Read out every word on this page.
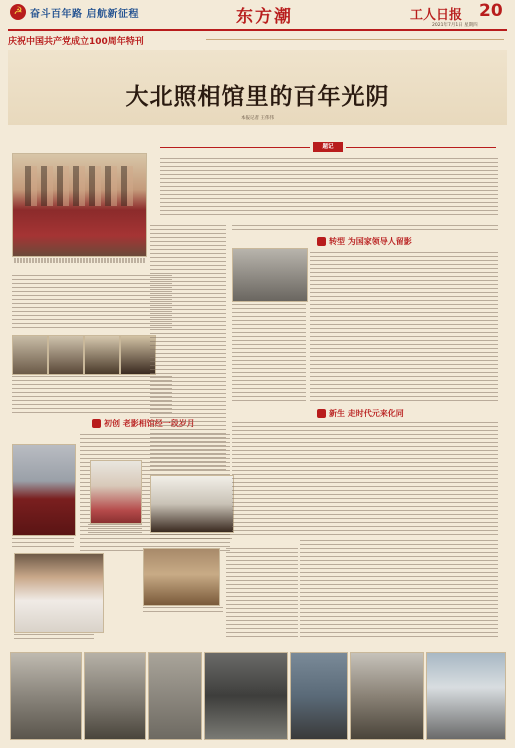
☭ 奋斗百年路 启航新征程	东方潮	工人日报 20
2021年7月1日 星期四
庆祝中国共产党成立100周年特刊
大北照相馆里的百年光阴
本报记者 王伟伟
题记
初创 老影相馆经一段岁月
转型 为国家领导人留影
新生 走时代元来化同
